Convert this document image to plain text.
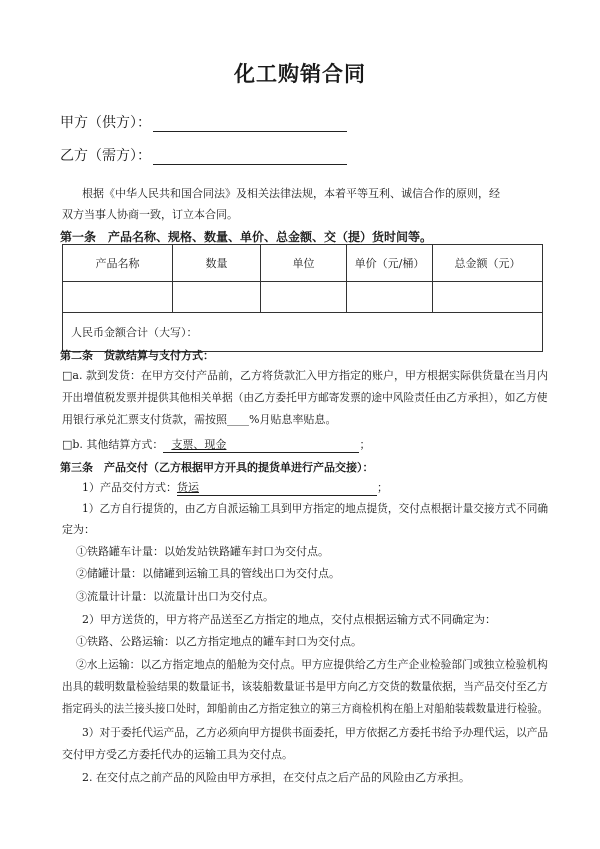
化工购销合同
甲方（供方）：
乙方（需方）：
根据《中华人民共和国合同法》及相关法律法规，本着平等互利、诚信合作的原则，经
双方当事人协商一致，订立本合同。
第一条　产品名称、规格、数量、单价、总金额、交（提）货时间等。
产品名称	数量	单位	单价（元/桶）	总金额（元）

人民币金额合计（大写）：				
第二条　货款结算与支付方式：
□a. 款到发货：在甲方交付产品前，乙方将货款汇入甲方指定的账户，甲方根据实际供货量在当月内
开出增值税发票并提供其他相关单据（由乙方委托甲方邮寄发票的途中风险责任由乙方承担），如乙方使
用银行承兑汇票支付货款，需按照____%月贴息率贴息。
□b. 其他结算方式： 支票、现金	；
第三条　产品交付（乙方根据甲方开具的提货单进行产品交接）：
1）产品交付方式：货运	；
1）乙方自行提货的，由乙方自派运输工具到甲方指定的地点提货，交付点根据计量交接方式不同确
定为：
①铁路罐车计量：以始发站铁路罐车封口为交付点。
②储罐计量：以储罐到运输工具的管线出口为交付点。
③流量计计量：以流量计出口为交付点。
2）甲方送货的，甲方将产品送至乙方指定的地点，交付点根据运输方式不同确定为：
①铁路、公路运输：以乙方指定地点的罐车封口为交付点。
②水上运输：以乙方指定地点的船舱为交付点。甲方应提供给乙方生产企业检验部门或独立检验机构
出具的载明数量检验结果的数量证书，该装船数量证书是甲方向乙方交货的数量依据，当产品交付至乙方
指定码头的法兰接头接口处时，卸船前由乙方指定独立的第三方商检机构在船上对船舶装载数量进行检验。
3）对于委托代运产品，乙方必须向甲方提供书面委托，甲方依据乙方委托书给予办理代运，以产品
交付甲方受乙方委托代办的运输工具为交付点。
2. 在交付点之前产品的风险由甲方承担，在交付点之后产品的风险由乙方承担。
